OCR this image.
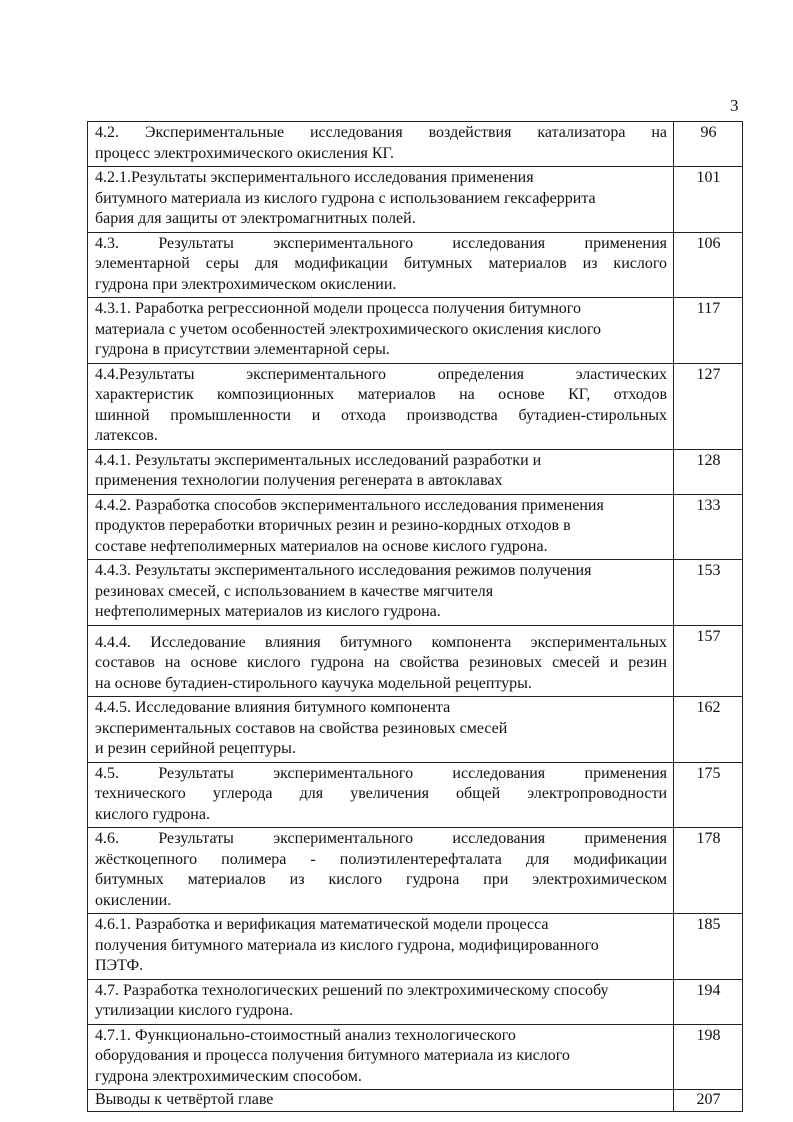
3
4.2. Экспериментальные исследования воздействия катализатора на
процесс электрохимического окисления КГ.	96

4.2.1.Результаты экспериментального исследования применения
битумного материала из кислого гудрона с использованием гексаферрита
бария для защиты от электромагнитных полей.	101

4.3. Результаты экспериментального исследования применения
элементарной серы для модификации битумных материалов из кислого
гудрона при электрохимическом окислении.	106

4.3.1. Раработка регрессионной модели процесса получения битумного
материала с учетом особенностей электрохимического окисления кислого
гудрона в присутствии элементарной серы.	117

4.4.Результаты экспериментального определения эластических
характеристик композиционных материалов на основе КГ, отходов
шинной промышленности и отхода производства бутадиен-стирольных
латексов.	127

4.4.1. Результаты экспериментальных исследований разработки и
применения технологии получения регенерата в автоклавах	128

4.4.2. Разработка способов экспериментального исследования применения
продуктов переработки вторичных резин и резино-кордных отходов в
составе нефтеполимерных материалов на основе кислого гудрона.	133

4.4.3. Результаты экспериментального исследования режимов получения
резиновах смесей, с использованием в качестве мягчителя
нефтеполимерных материалов из кислого гудрона.	153

4.4.4. Исследование влияния битумного компонента экспериментальных
составов на основе кислого гудрона на свойства резиновых смесей и резин
на основе бутадиен-стирольного каучука модельной рецептуры.	157

4.4.5. Исследование влияния битумного компонента
экспериментальных составов на свойства резиновых смесей
и резин серийной рецептуры.	162

4.5. Результаты экспериментального исследования применения
технического углерода для увеличения общей электропроводности
кислого гудрона.	175

4.6. Результаты экспериментального исследования применения
жёсткоцепного полимера - полиэтилентерефталата для модификации
битумных материалов из кислого гудрона при электрохимическом
окислении.	178

4.6.1. Разработка и верификация математической модели процесса
получения битумного материала из кислого гудрона, модифицированного
ПЭТФ.	185

4.7. Разработка технологических решений по электрохимическому способу
утилизации кислого гудрона.	194

4.7.1. Функционально-стоимостный анализ технологического
оборудования и процесса получения битумного материала из кислого
гудрона электрохимическим способом.	198

Выводы к четвёртой главе	207
